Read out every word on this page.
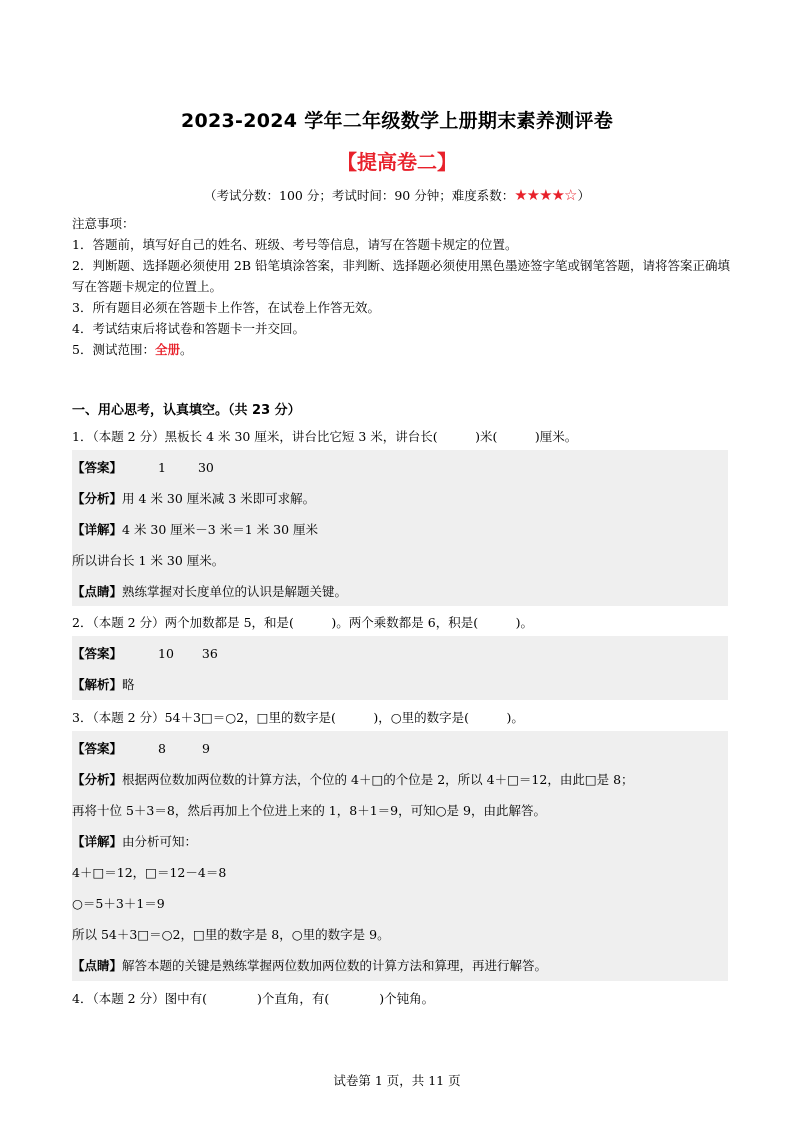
2023-2024 学年二年级数学上册期末素养测评卷
【提高卷二】
（考试分数：100 分；考试时间：90 分钟；难度系数：★★★★☆）
注意事项：
1．答题前，填写好自己的姓名、班级、考号等信息，请写在答题卡规定的位置。
2．判断题、选择题必须使用 2B 铅笔填涂答案，非判断、选择题必须使用黑色墨迹签字笔或钢笔答题，请将答案正确填写在答题卡规定的位置上。
3．所有题目必须在答题卡上作答，在试卷上作答无效。
4．考试结束后将试卷和答题卡一并交回。
5．测试范围：全册。
一、用心思考，认真填空。（共 23 分）
1．（本题 2 分）黑板长 4 米 30 厘米，讲台比它短 3 米，讲台长(　　　)米(　　　)厘米。
【答案】	1	30
【分析】用 4 米 30 厘米减 3 米即可求解。
【详解】4 米 30 厘米－3 米＝1 米 30 厘米
所以讲台长 1 米 30 厘米。
【点睛】熟练掌握对长度单位的认识是解题关键。
2．（本题 2 分）两个加数都是 5，和是(　　　)。两个乘数都是 6，积是(　　　)。
【答案】	10 36
【解析】略
3．（本题 2 分）54＋3□＝○2，□里的数字是(　　　)，○里的数字是(　　　)。
【答案】	8	9
【分析】根据两位数加两位数的计算方法，个位的 4＋□的个位是 2，所以 4＋□＝12，由此□是 8；
再将十位 5＋3＝8，然后再加上个位进上来的 1，8＋1＝9，可知○是 9，由此解答。
【详解】由分析可知：
4＋□＝12，□＝12－4＝8
○＝5＋3＋1＝9
所以 54＋3□＝○2，□里的数字是 8，○里的数字是 9。
【点睛】解答本题的关键是熟练掌握两位数加两位数的计算方法和算理，再进行解答。
4．（本题 2 分）图中有(　　　　)个直角，有(　　　　)个钝角。
试卷第 1 页，共 11 页
